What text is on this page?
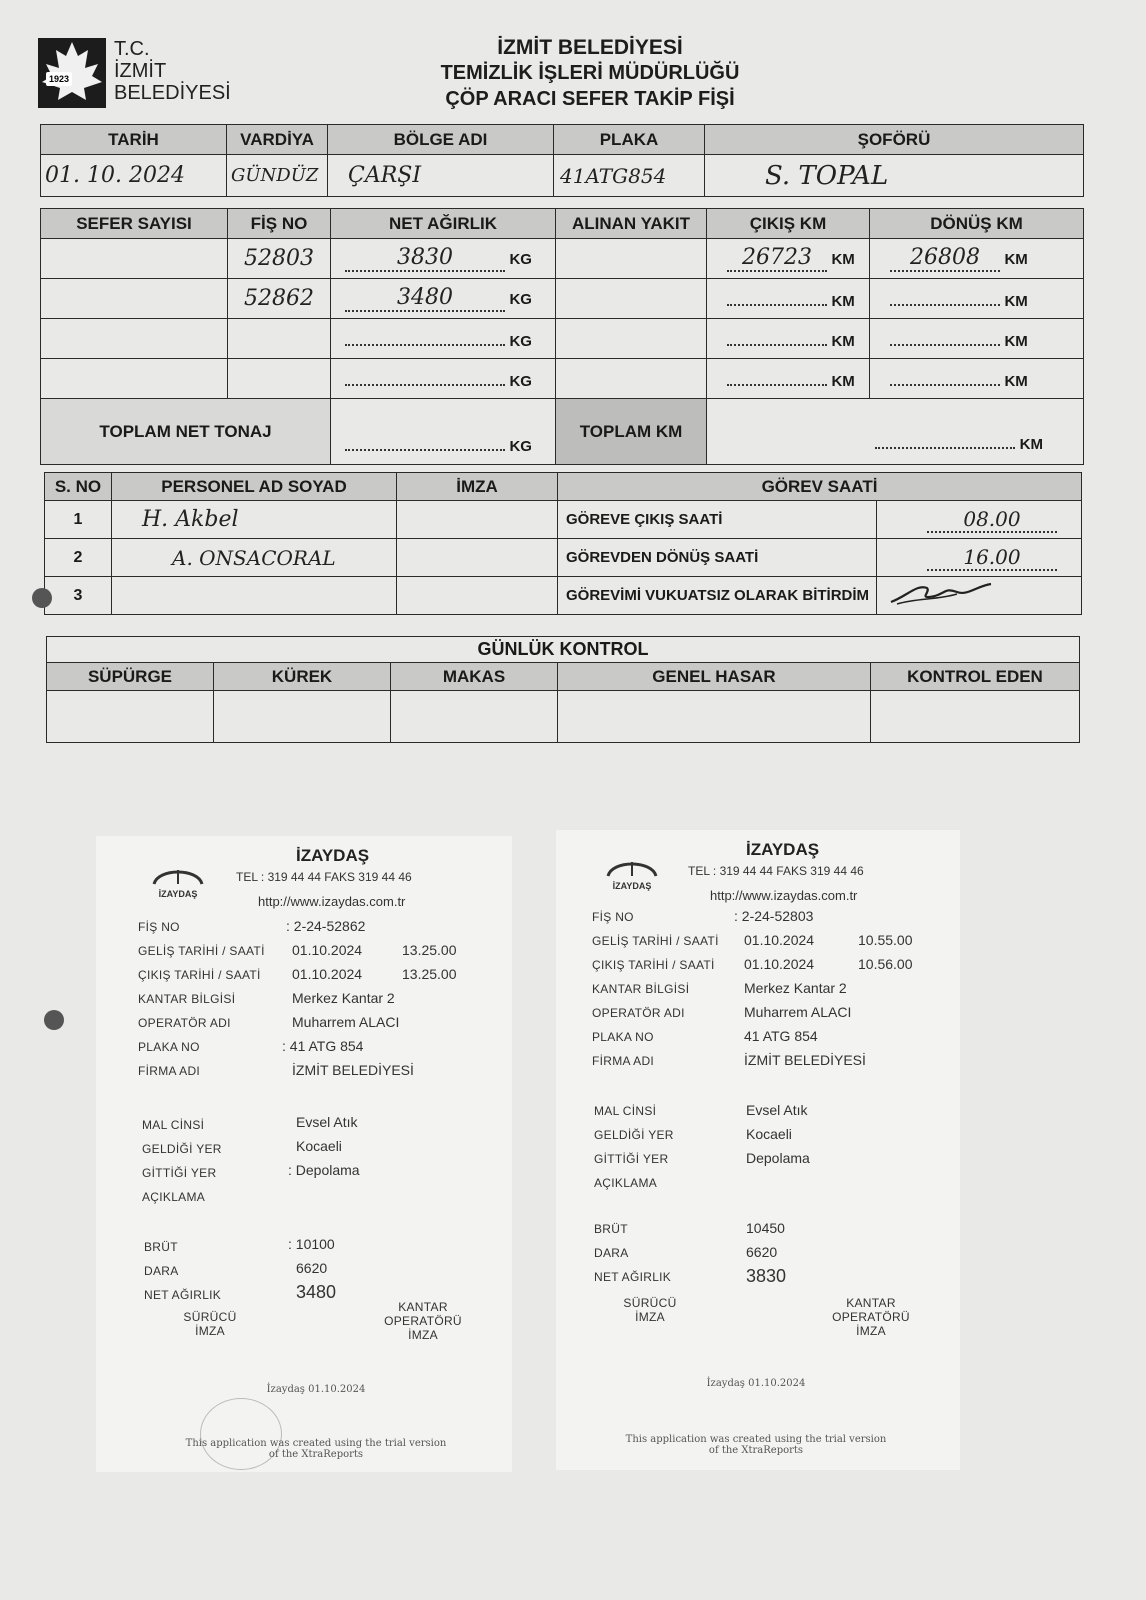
1923
T.C.
İZMİT
BELEDİYESİ
İZMİT BELEDİYESİ
TEMİZLİK İŞLERİ MÜDÜRLÜĞÜ
ÇÖP ARACI SEFER TAKİP FİŞİ
TARİH	VARDİYA	BÖLGE ADI	PLAKA	ŞOFÖRÜ
01. 10. 2024	GÜNDÜZ	ÇARŞI	41ATG854	S. TOPAL
SEFER SAYISI	FİŞ NO	NET AĞIRLIK	ALINAN YAKIT	ÇIKIŞ KM	DÖNÜŞ KM
	52803	3830 KG		26723 KM	26808 KM
	52862	3480 KG		KM	KM
		KG		KM	KM
		KG		KM	KM
TOPLAM NET TONAJ		KG	TOPLAM KM	KM	
S. NO	PERSONEL AD SOYAD	İMZA	GÖREV SAATİ	
1	H. Akbel		GÖREVE ÇIKIŞ SAATİ	08.00
2	A. ONSACORAL		GÖREVDEN DÖNÜŞ SAATİ	16.00
3			GÖREVİMİ VUKUATSIZ OLARAK BİTİRDİM	
GÜNLÜK KONTROL				
SÜPÜRGE	KÜREK	MAKAS	GENEL HASAR	KONTROL EDEN

İZAYDAŞ
İZAYDAŞ
TEL : 319 44 44 FAKS 319 44 46
http://www.izaydas.com.tr
FİŞ NO	: 2-24-52862
GELİŞ TARİHİ / SAATİ 01.10.2024	13.25.00
ÇIKIŞ TARİHİ / SAATİ 01.10.2024	13.25.00
KANTAR BİLGİSİ	Merkez Kantar 2
OPERATÖR ADI	Muharrem ALACI
PLAKA NO	: 41 ATG 854
FİRMA ADI	İZMİT BELEDİYESİ
MAL CİNSİ	Evsel Atık
GELDİĞİ YER	Kocaeli
GİTTİĞİ YER	: Depolama
AÇIKLAMA
BRÜT	: 10100
DARA	6620
NET AĞIRLIK	3480
SÜRÜCÜ
İMZA
KANTAR
OPERATÖRÜ
İMZA
İzaydaş 01.10.2024
This application was created using the trial version
of the XtraReports
İZAYDAŞ
İZAYDAŞ
TEL : 319 44 44 FAKS 319 44 46
http://www.izaydas.com.tr
FİŞ NO	: 2-24-52803
GELİŞ TARİHİ / SAATİ 01.10.2024	10.55.00
ÇIKIŞ TARİHİ / SAATİ 01.10.2024	10.56.00
KANTAR BİLGİSİ	Merkez Kantar 2
OPERATÖR ADI	Muharrem ALACI
PLAKA NO	41 ATG 854
FİRMA ADI	İZMİT BELEDİYESİ
MAL CİNSİ	Evsel Atık
GELDİĞİ YER	Kocaeli
GİTTİĞİ YER	Depolama
AÇIKLAMA
BRÜT	10450
DARA	6620
NET AĞIRLIK	3830
SÜRÜCÜ
İMZA
KANTAR
OPERATÖRÜ
İMZA
İzaydaş 01.10.2024
This application was created using the trial version
of the XtraReports
